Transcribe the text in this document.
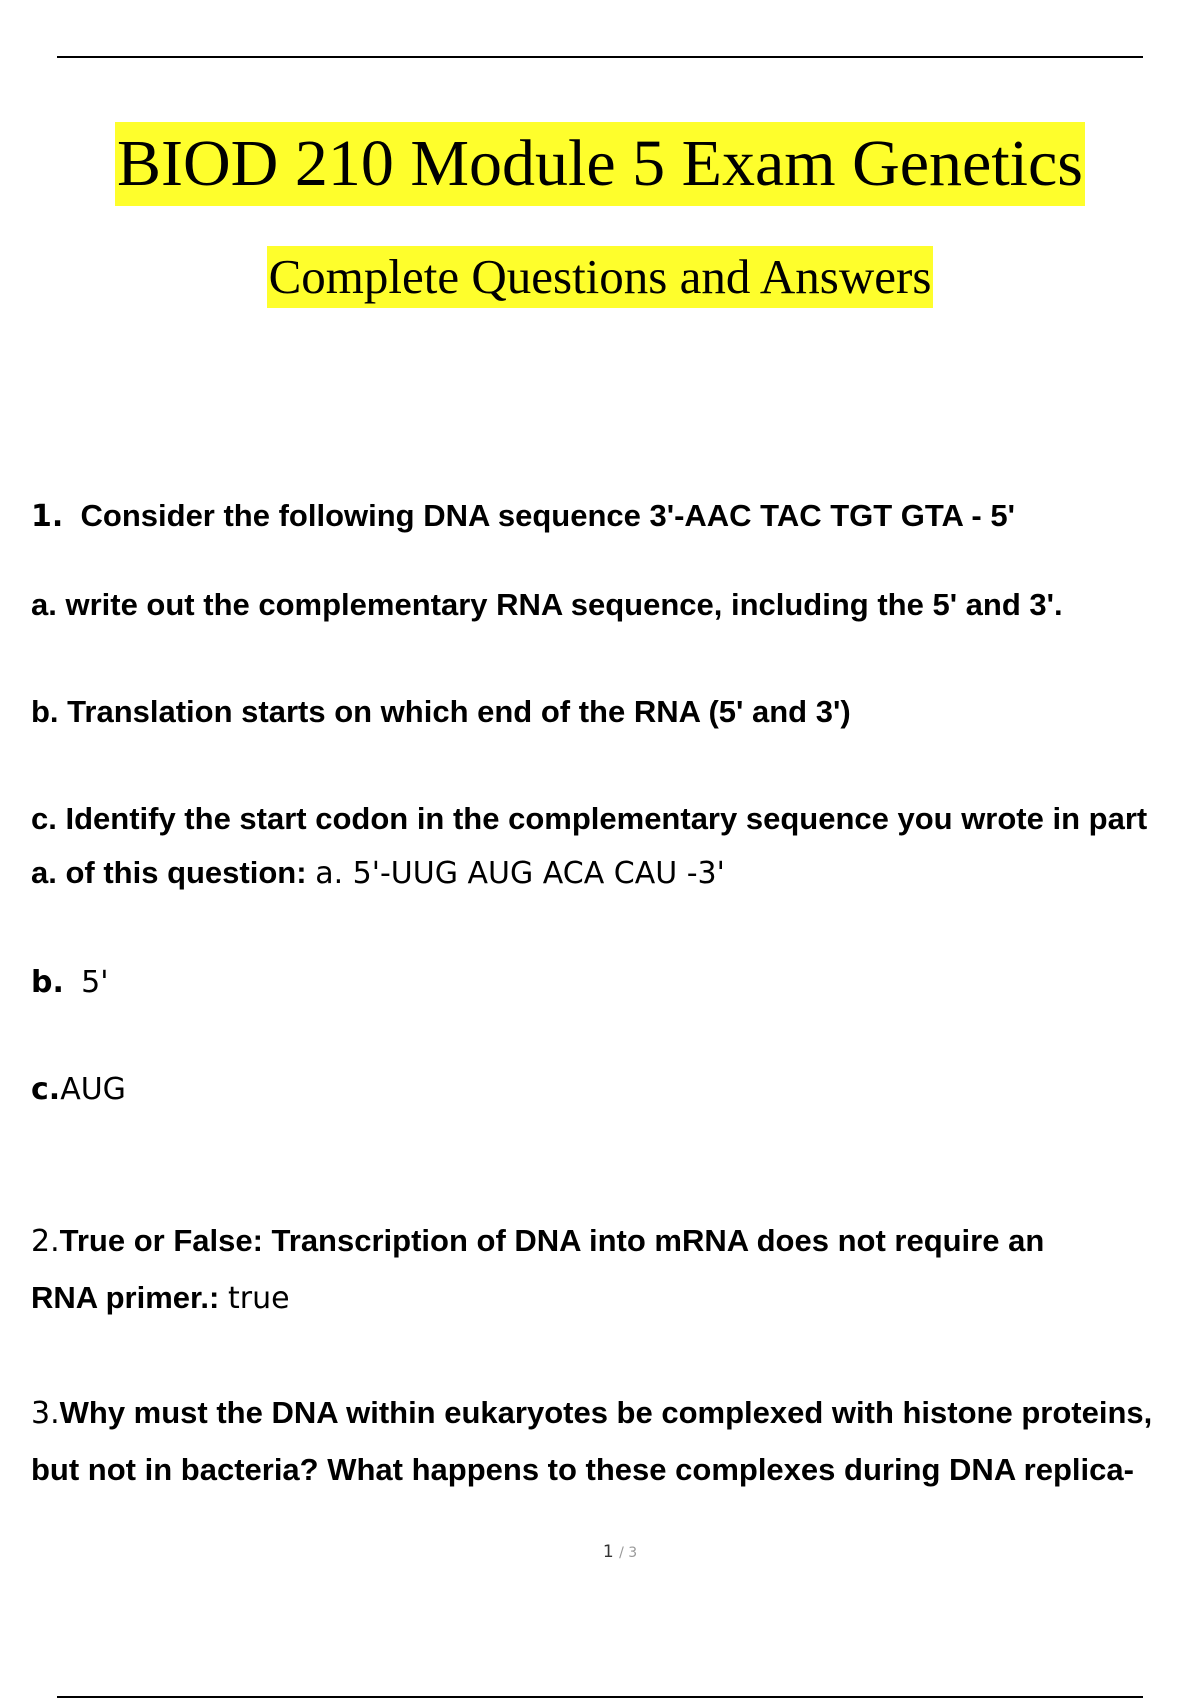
BIOD 210 Module 5 Exam Genetics
Complete Questions and Answers
1. Consider the following DNA sequence 3'-AAC TAC TGT GTA - 5'
a. write out the complementary RNA sequence, including the 5' and 3'.
b. Translation starts on which end of the RNA (5' and 3')
c. Identify the start codon in the complementary sequence you wrote in part
a. of this question: a. 5'-UUG AUG ACA CAU -3'
b. 5'
c.AUG
2.True or False: Transcription of DNA into mRNA does not require an
RNA primer.: true
3.Why must the DNA within eukaryotes be complexed with histone proteins,
but not in bacteria? What happens to these complexes during DNA replica-
1 / 3
